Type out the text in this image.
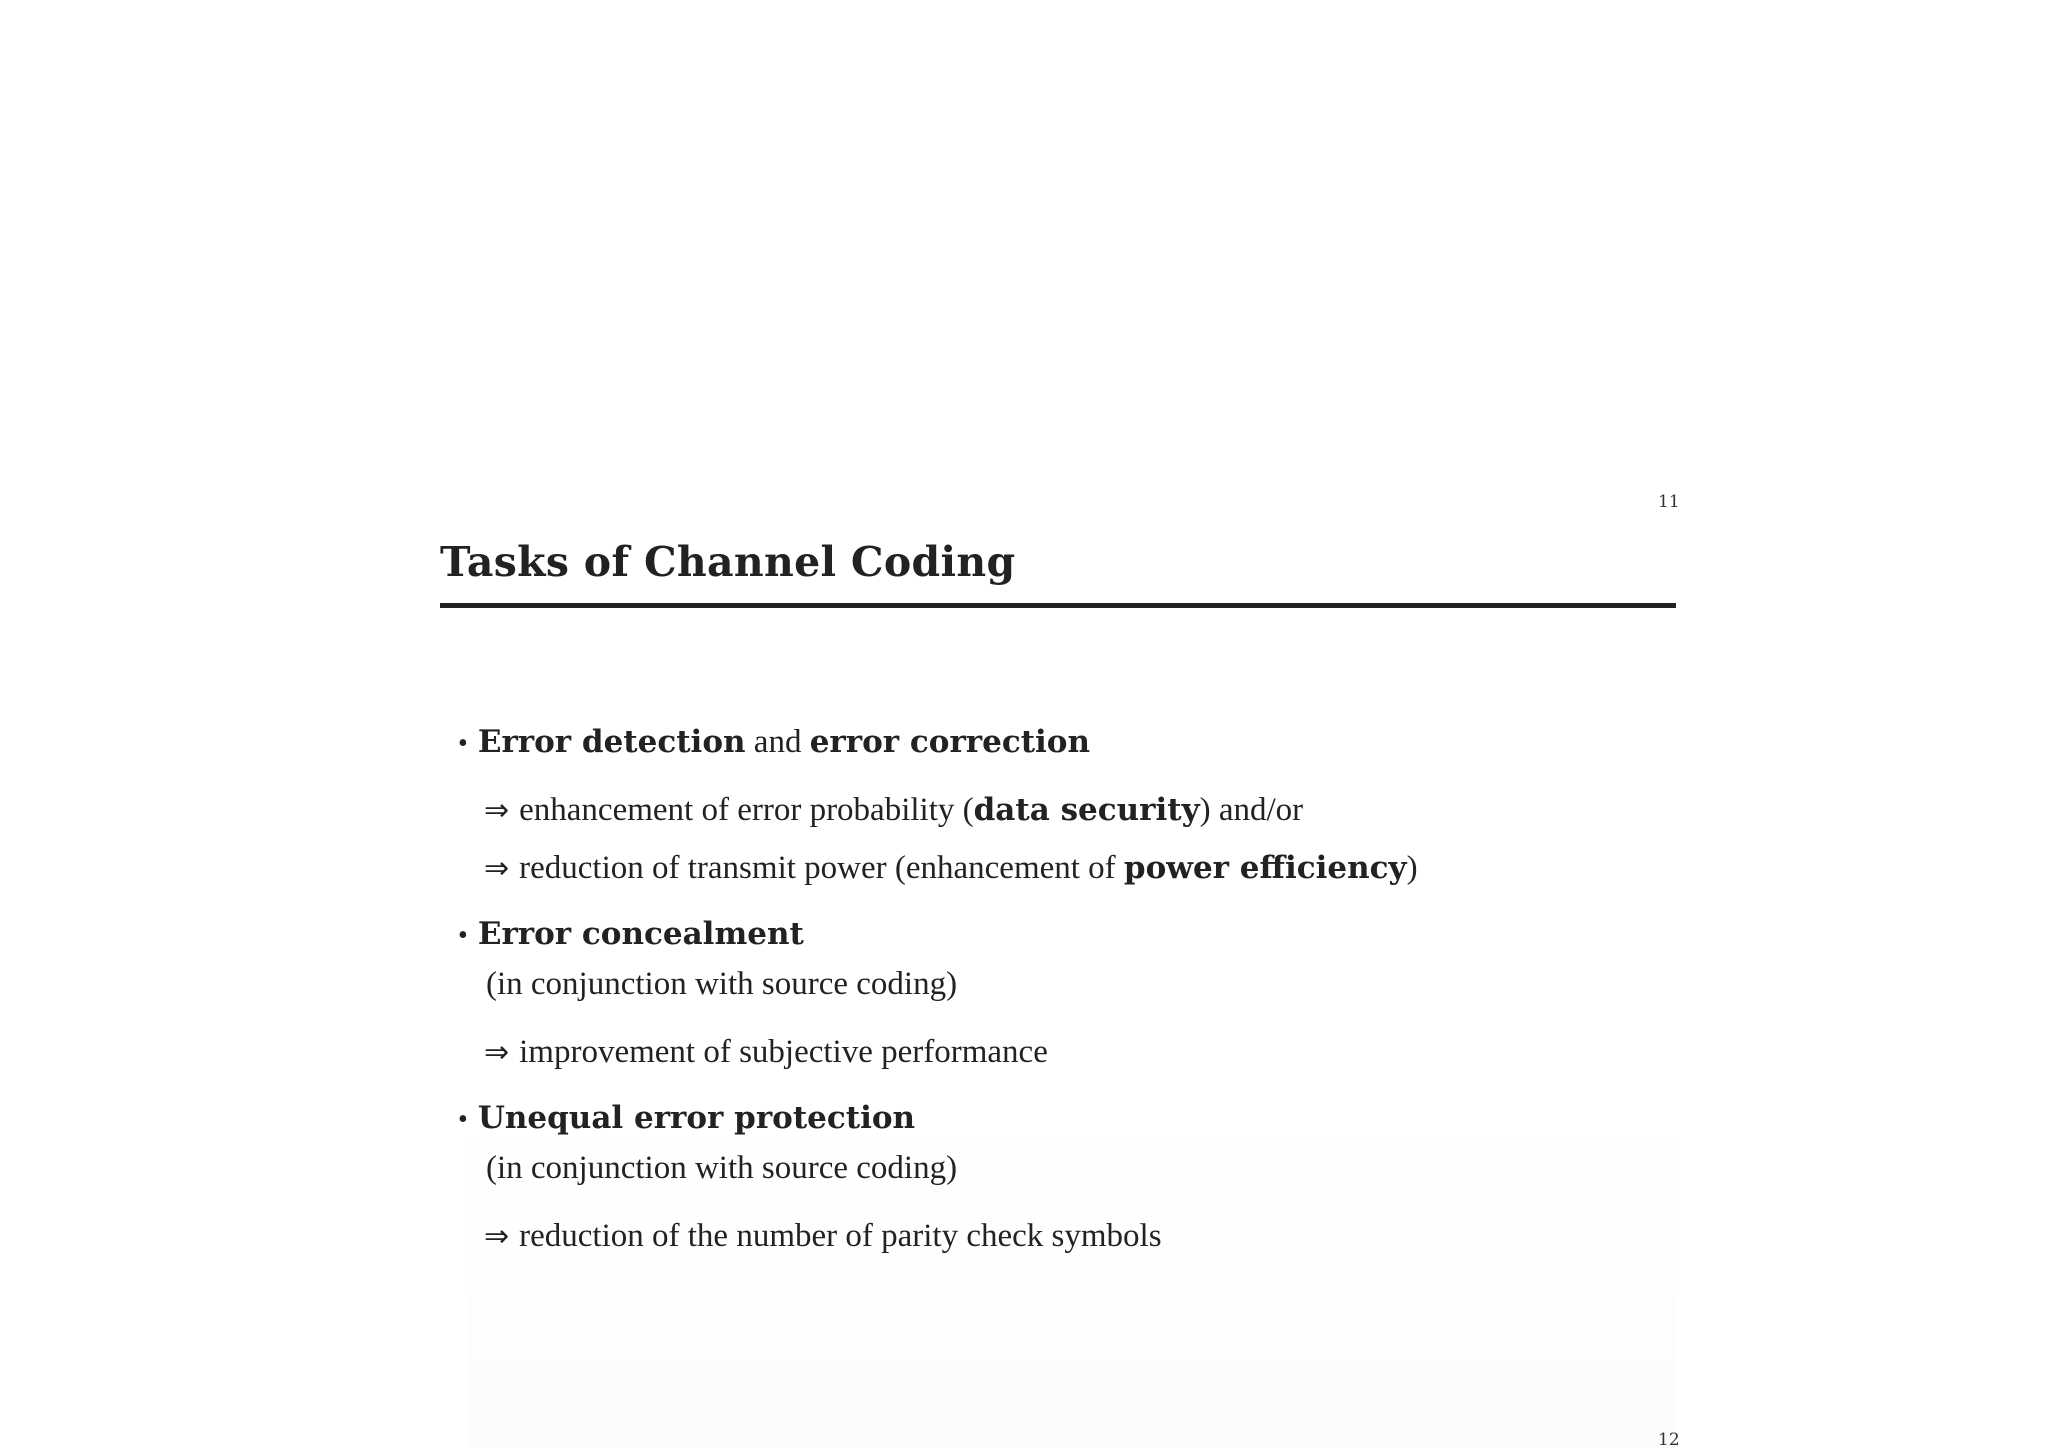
11
Tasks of Channel Coding
• Error detection and error correction
⇒ enhancement of error probability (data security) and/or
⇒ reduction of transmit power (enhancement of power efficiency)
• Error concealment
(in conjunction with source coding)
⇒ improvement of subjective performance
• Unequal error protection
(in conjunction with source coding)
⇒ reduction of the number of parity check symbols
12
